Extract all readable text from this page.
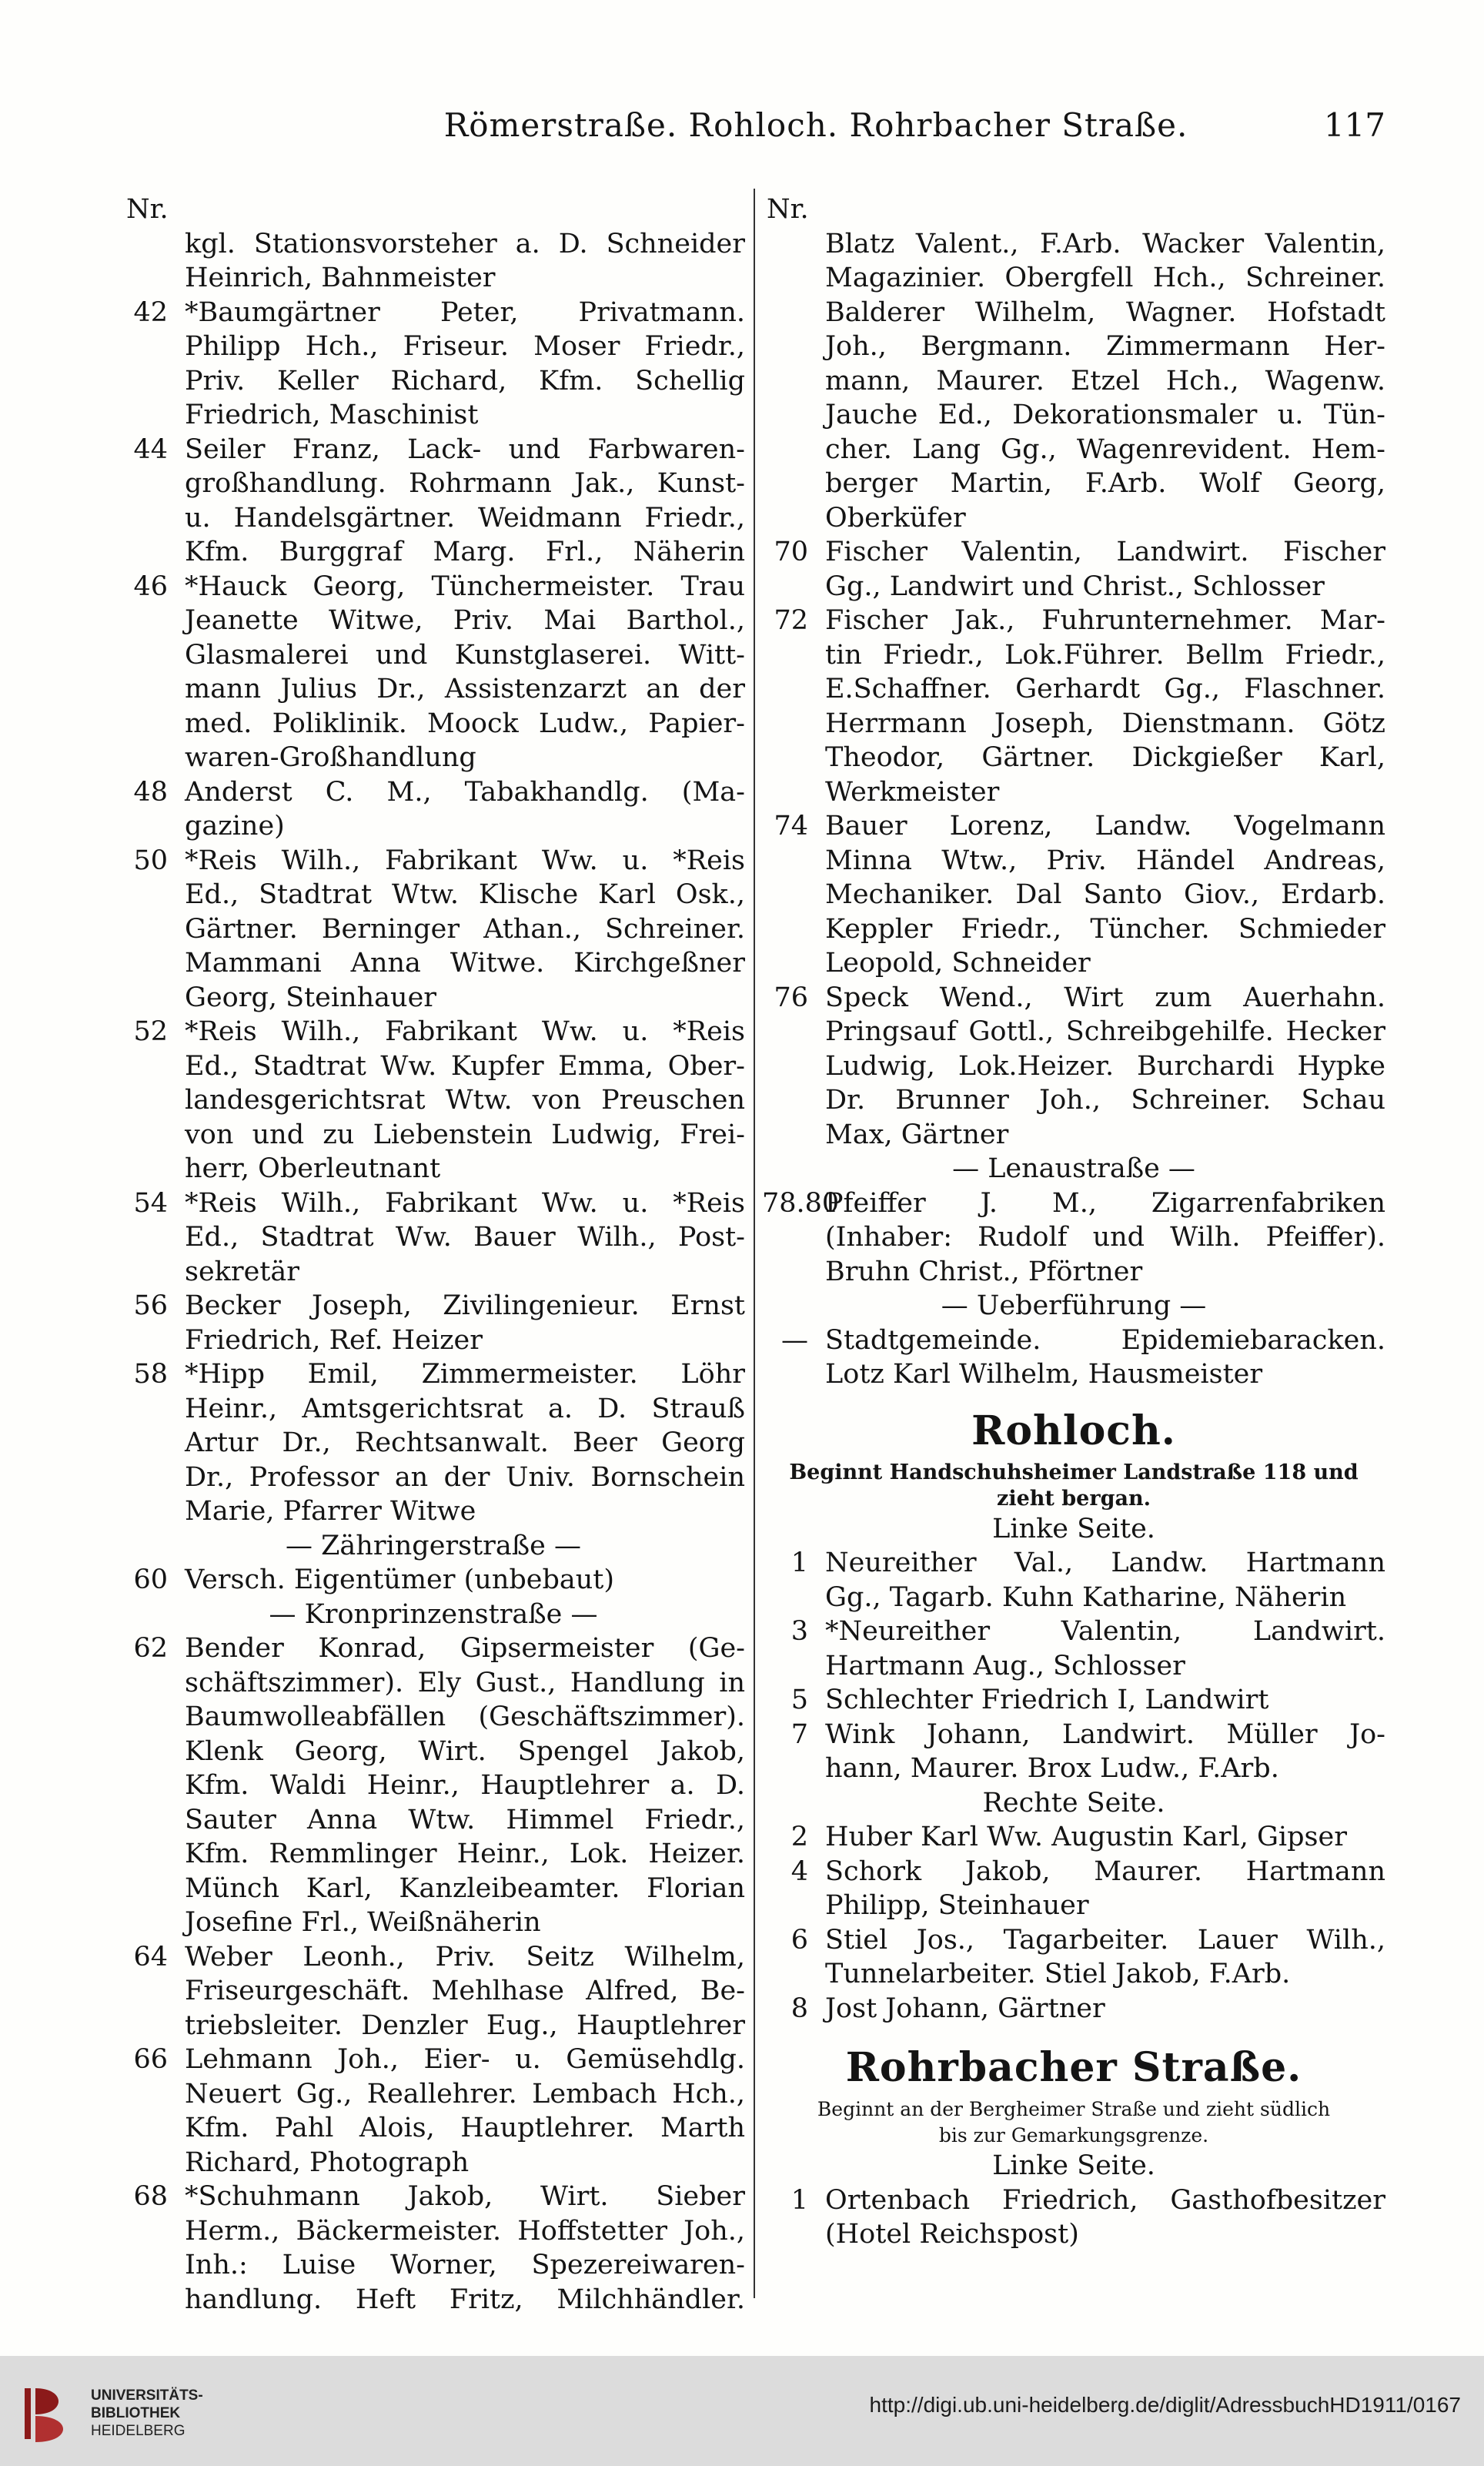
Römerstraße. Rohloch. Rohrbacher Straße.	117
Nr.
kgl. Stationsvorsteher a. D. Schneider
Heinrich, Bahnmeister
42 *Baumgärtner Peter, Privatmann.
Philipp Hch., Friseur. Moser Friedr.,
Priv. Keller Richard, Kfm. Schellig
Friedrich, Maschinist
44 Seiler Franz, Lack- und Farbwaren-
großhandlung. Rohrmann Jak., Kunst-
u. Handelsgärtner. Weidmann Friedr.,
Kfm. Burggraf Marg. Frl., Näherin
46 *Hauck Georg, Tünchermeister. Trau
Jeanette Witwe, Priv. Mai Barthol.,
Glasmalerei und Kunstglaserei. Witt-
mann Julius Dr., Assistenzarzt an der
med. Poliklinik. Moock Ludw., Papier-
waren-Großhandlung
48 Anderst C. M., Tabakhandlg. (Ma-
gazine)
50 *Reis Wilh., Fabrikant Ww. u. *Reis
Ed., Stadtrat Wtw. Klische Karl Osk.,
Gärtner. Berninger Athan., Schreiner.
Mammani Anna Witwe. Kirchgeßner
Georg, Steinhauer
52 *Reis Wilh., Fabrikant Ww. u. *Reis
Ed., Stadtrat Ww. Kupfer Emma, Ober-
landesgerichtsrat Wtw. von Preuschen
von und zu Liebenstein Ludwig, Frei-
herr, Oberleutnant
54 *Reis Wilh., Fabrikant Ww. u. *Reis
Ed., Stadtrat Ww. Bauer Wilh., Post-
sekretär
56 Becker Joseph, Zivilingenieur. Ernst
Friedrich, Ref. Heizer
58 *Hipp Emil, Zimmermeister. Löhr
Heinr., Amtsgerichtsrat a. D. Strauß
Artur Dr., Rechtsanwalt. Beer Georg
Dr., Professor an der Univ. Bornschein
Marie, Pfarrer Witwe
— Zähringerstraße —
60 Versch. Eigentümer (unbebaut)
— Kronprinzenstraße —
62 Bender Konrad, Gipsermeister (Ge-
schäftszimmer). Ely Gust., Handlung in
Baumwolleabfällen (Geschäftszimmer).
Klenk Georg, Wirt. Spengel Jakob,
Kfm. Waldi Heinr., Hauptlehrer a. D.
Sauter Anna Wtw. Himmel Friedr.,
Kfm. Remmlinger Heinr., Lok. Heizer.
Münch Karl, Kanzleibeamter. Florian
Josefine Frl., Weißnäherin
64 Weber Leonh., Priv. Seitz Wilhelm,
Friseurgeschäft. Mehlhase Alfred, Be-
triebsleiter. Denzler Eug., Hauptlehrer
66 Lehmann Joh., Eier- u. Gemüsehdlg.
Neuert Gg., Reallehrer. Lembach Hch.,
Kfm. Pahl Alois, Hauptlehrer. Marth
Richard, Photograph
68 *Schuhmann Jakob, Wirt. Sieber
Herm., Bäckermeister. Hoffstetter Joh.,
Inh.: Luise Worner, Spezereiwaren-
handlung. Heft Fritz, Milchhändler.
Nr.
Blatz Valent., F.Arb. Wacker Valentin,
Magazinier. Obergfell Hch., Schreiner.
Balderer Wilhelm, Wagner. Hofstadt
Joh., Bergmann. Zimmermann Her-
mann, Maurer. Etzel Hch., Wagenw.
Jauche Ed., Dekorationsmaler u. Tün-
cher. Lang Gg., Wagenrevident. Hem-
berger Martin, F.Arb. Wolf Georg,
Oberküfer
70 Fischer Valentin, Landwirt. Fischer
Gg., Landwirt und Christ., Schlosser
72 Fischer Jak., Fuhrunternehmer. Mar-
tin Friedr., Lok.Führer. Bellm Friedr.,
E.Schaffner. Gerhardt Gg., Flaschner.
Herrmann Joseph, Dienstmann. Götz
Theodor, Gärtner. Dickgießer Karl,
Werkmeister
74 Bauer Lorenz, Landw. Vogelmann
Minna Wtw., Priv. Händel Andreas,
Mechaniker. Dal Santo Giov., Erdarb.
Keppler Friedr., Tüncher. Schmieder
Leopold, Schneider
76 Speck Wend., Wirt zum Auerhahn.
Pringsauf Gottl., Schreibgehilfe. Hecker
Ludwig, Lok.Heizer. Burchardi Hypke
Dr. Brunner Joh., Schreiner. Schau
Max, Gärtner
— Lenaustraße —
78.80
Pfeiffer J. M., Zigarrenfabriken
(Inhaber: Rudolf und Wilh. Pfeiffer).
Bruhn Christ., Pförtner
— Ueberführung —
— Stadtgemeinde. Epidemiebaracken.
Lotz Karl Wilhelm, Hausmeister
Rohloch.
Beginnt Handschuhsheimer Landstraße 118 und
zieht bergan.
Linke Seite.
1 Neureither Val., Landw. Hartmann
Gg., Tagarb. Kuhn Katharine, Näherin
3 *Neureither Valentin, Landwirt.
Hartmann Aug., Schlosser
5 Schlechter Friedrich I, Landwirt
7 Wink Johann, Landwirt. Müller Jo-
hann, Maurer. Brox Ludw., F.Arb.
Rechte Seite.
2 Huber Karl Ww. Augustin Karl, Gipser
4 Schork Jakob, Maurer. Hartmann
Philipp, Steinhauer
6 Stiel Jos., Tagarbeiter. Lauer Wilh.,
Tunnelarbeiter. Stiel Jakob, F.Arb.
8 Jost Johann, Gärtner
Rohrbacher Straße.
Beginnt an der Bergheimer Straße und zieht südlich
bis zur Gemarkungsgrenze.
Linke Seite.
1 Ortenbach Friedrich, Gasthofbesitzer
(Hotel Reichspost)
UNIVERSITÄTS-
BIBLIOTHEK
HEIDELBERG
http://digi.ub.uni-heidelberg.de/diglit/AdressbuchHD1911/0167
